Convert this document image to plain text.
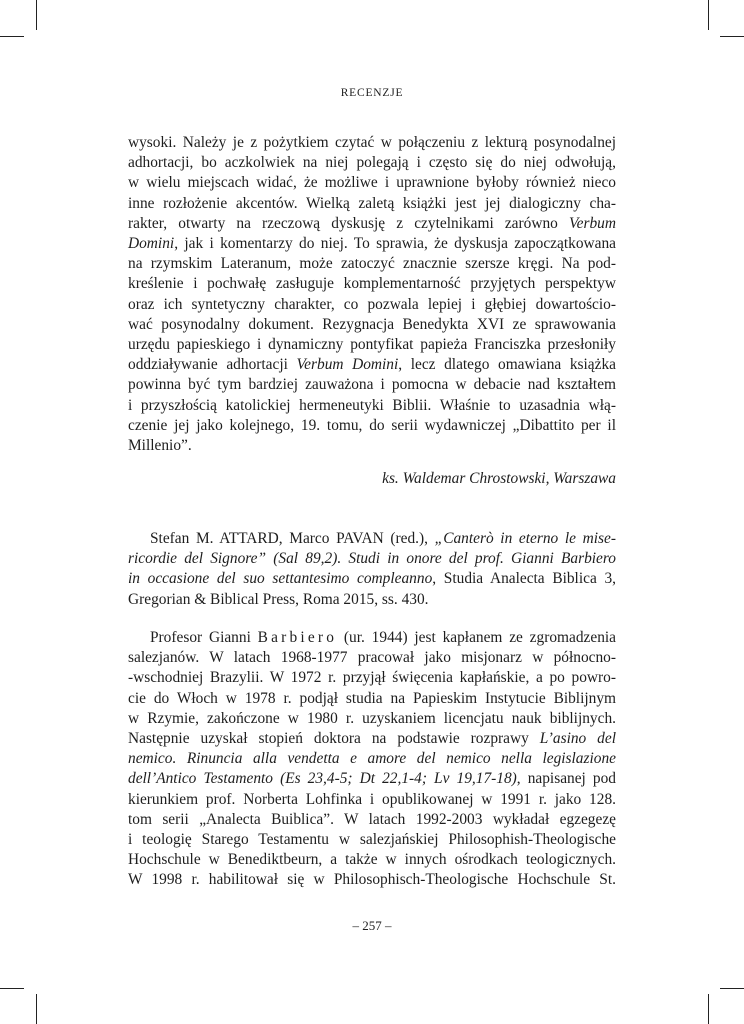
RECENZJE
wysoki. Należy je z pożytkiem czytać w połączeniu z lekturą posynodalnej
adhortacji, bo aczkolwiek na niej polegają i często się do niej odwołują,
w wielu miejscach widać, że możliwe i uprawnione byłoby również nieco
inne rozłożenie akcentów. Wielką zaletą książki jest jej dialogiczny cha-
rakter, otwarty na rzeczową dyskusję z czytelnikami zarówno Verbum
Domini, jak i komentarzy do niej. To sprawia, że dyskusja zapoczątkowana
na rzymskim Lateranum, może zatoczyć znacznie szersze kręgi. Na pod-
kreślenie i pochwałę zasługuje komplementarność przyjętych perspektyw
oraz ich syntetyczny charakter, co pozwala lepiej i głębiej dowartościo-
wać posynodalny dokument. Rezygnacja Benedykta XVI ze sprawowania
urzędu papieskiego i dynamiczny pontyfikat papieża Franciszka przesłoniły
oddziaływanie adhortacji Verbum Domini, lecz dlatego omawiana książka
powinna być tym bardziej zauważona i pomocna w debacie nad kształtem
i przyszłością katolickiej hermeneutyki Biblii. Właśnie to uzasadnia włą-
czenie jej jako kolejnego, 19. tomu, do serii wydawniczej „Dibattito per il
Millenio”.
ks. Waldemar Chrostowski, Warszawa
Stefan M. ATTARD, Marco PAVAN (red.), „Canterò in eterno le mise-
ricordie del Signore” (Sal 89,2). Studi in onore del prof. Gianni Barbiero
in occasione del suo settantesimo compleanno, Studia Analecta Biblica 3,
Gregorian & Biblical Press, Roma 2015, ss. 430.
Profesor Gianni Barbiero (ur. 1944) jest kapłanem ze zgromadzenia
salezjanów. W latach 1968-1977 pracował jako misjonarz w północno-
-wschodniej Brazylii. W 1972 r. przyjął święcenia kapłańskie, a po powro-
cie do Włoch w 1978 r. podjął studia na Papieskim Instytucie Biblijnym
w Rzymie, zakończone w 1980 r. uzyskaniem licencjatu nauk biblijnych.
Następnie uzyskał stopień doktora na podstawie rozprawy L’asino del
nemico. Rinuncia alla vendetta e amore del nemico nella legislazione
dell’Antico Testamento (Es 23,4-5; Dt 22,1-4; Lv 19,17-18), napisanej pod
kierunkiem prof. Norberta Lohfinka i opublikowanej w 1991 r. jako 128.
tom serii „Analecta Buiblica”. W latach 1992-2003 wykładał egzegezę
i teologię Starego Testamentu w salezjańskiej Philosophish-Theologische
Hochschule w Benediktbeurn, a także w innych ośrodkach teologicznych.
W 1998 r. habilitował się w Philosophisch-Theologische Hochschule St.
– 257 –
